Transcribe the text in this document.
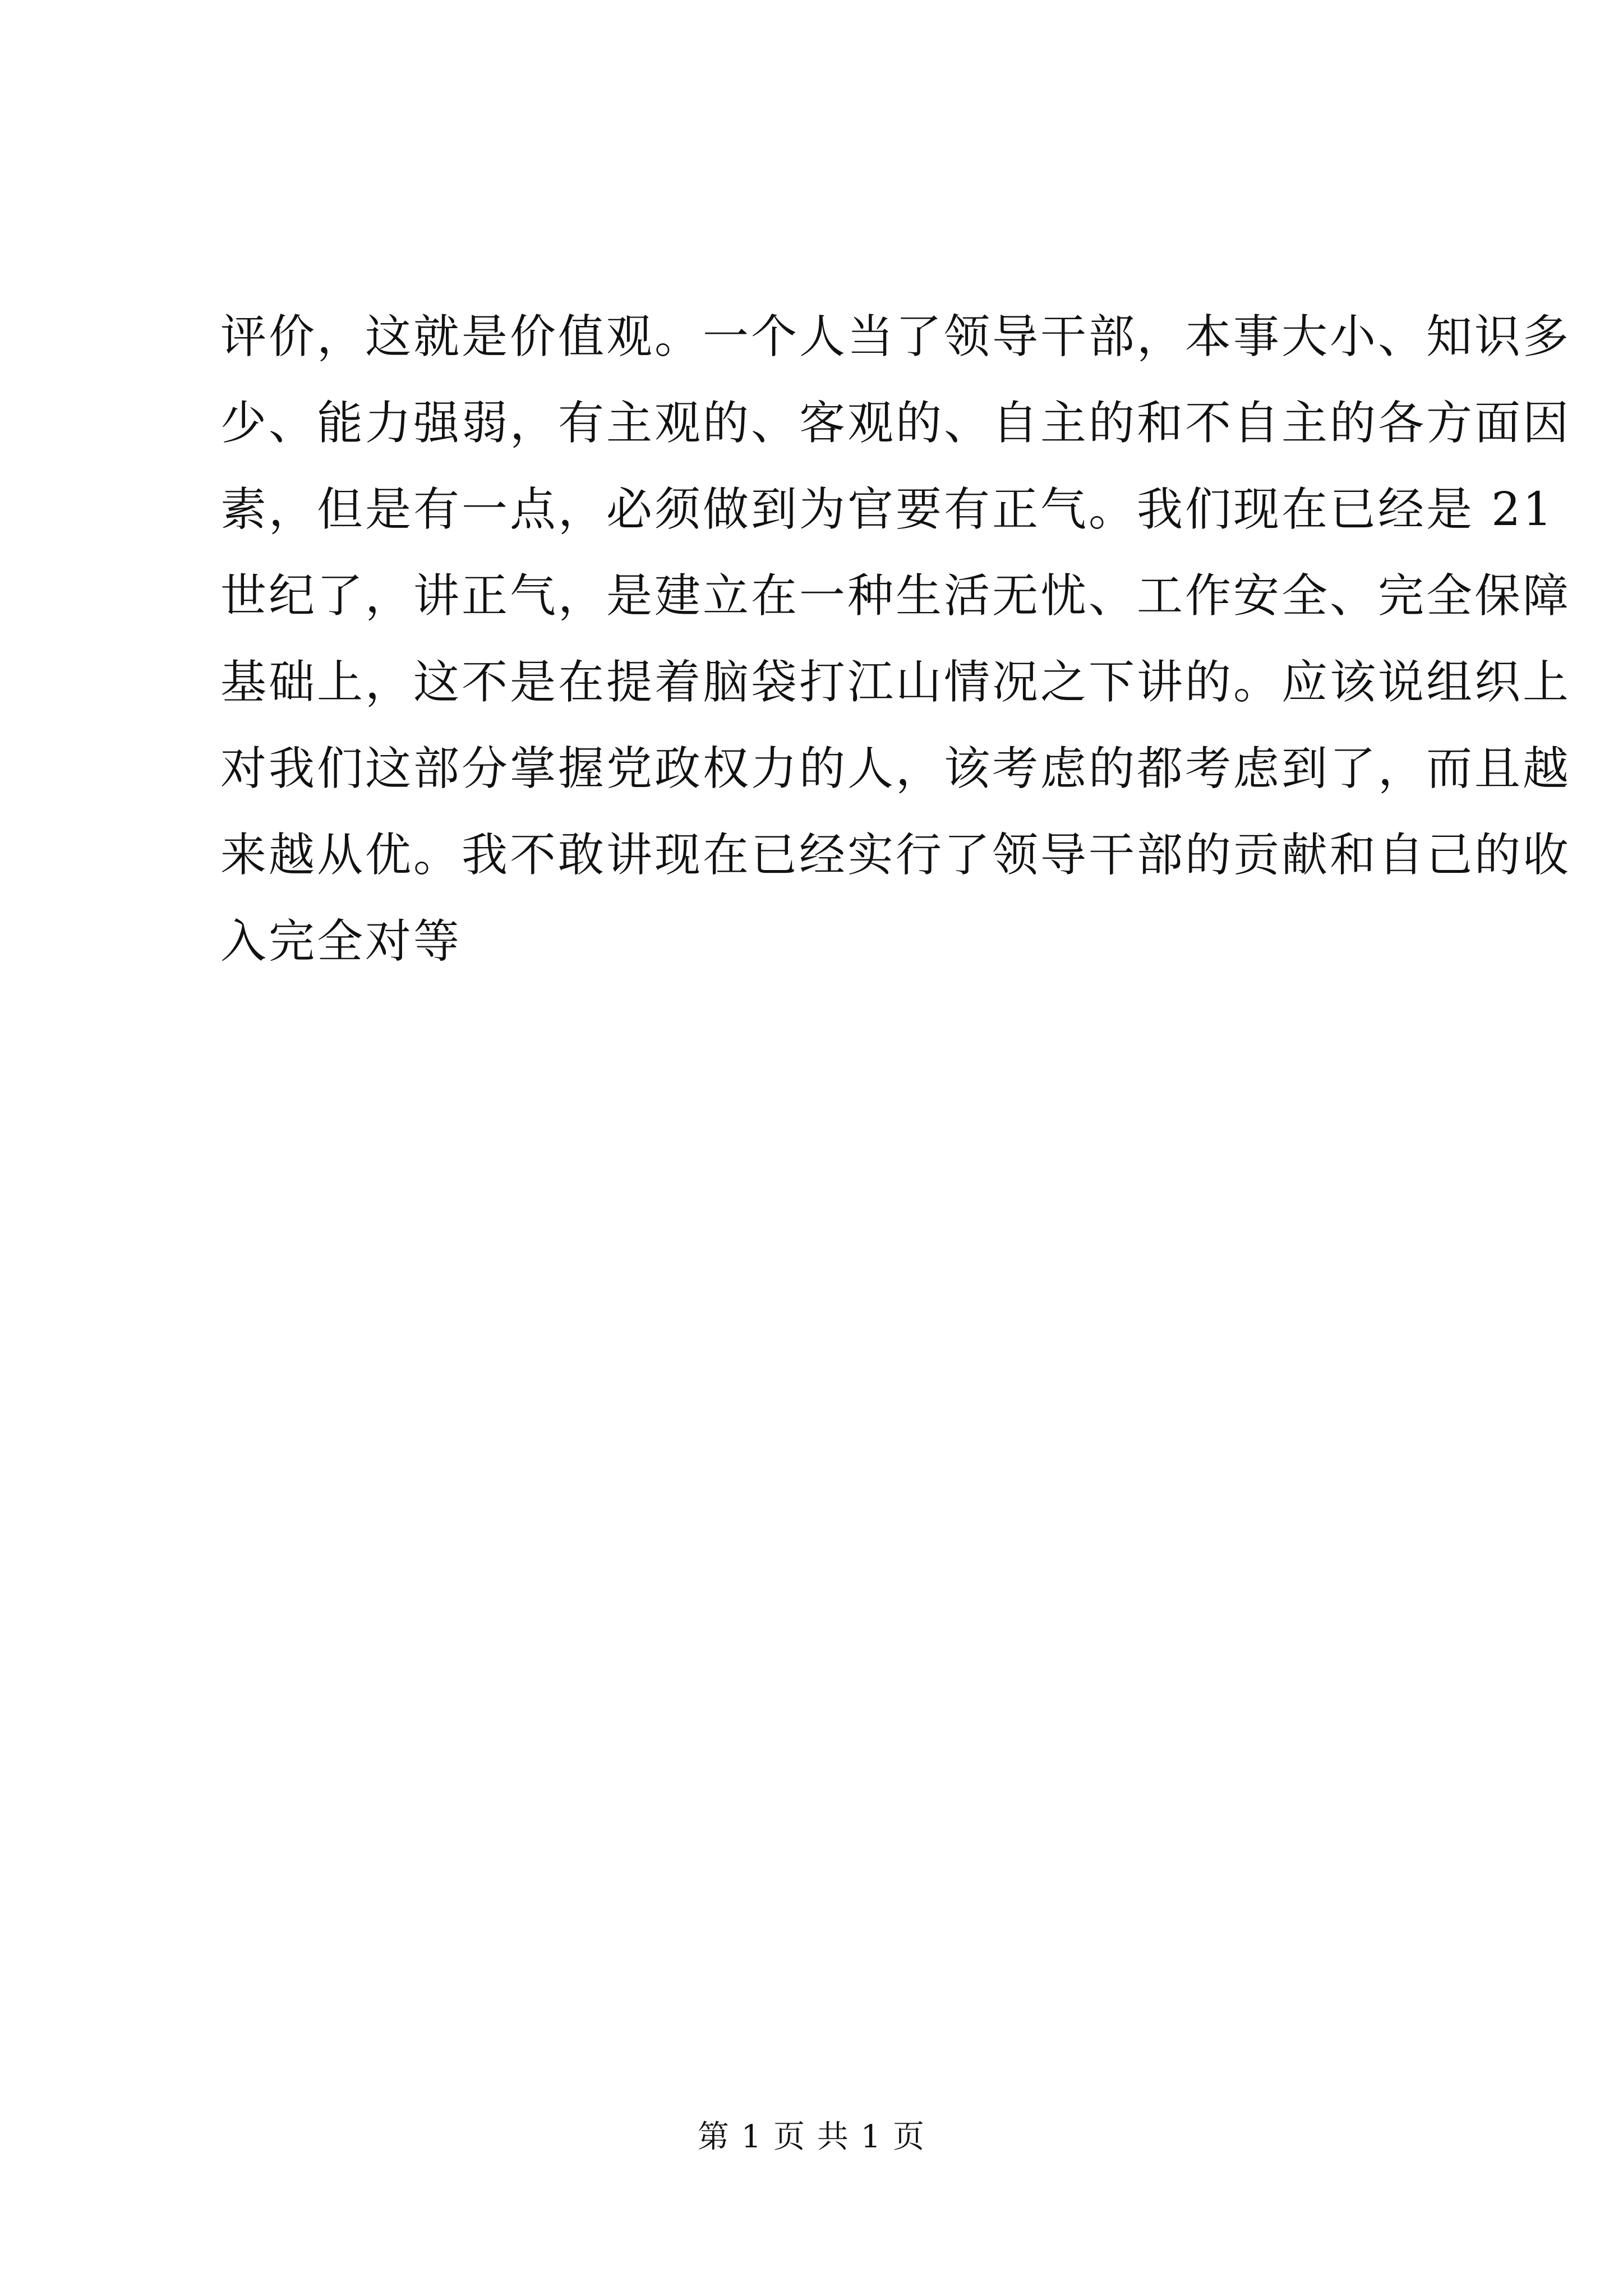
评价，这就是价值观。一个人当了领导干部，本事大小、知识多
少、能力强弱，有主观的、客观的、自主的和不自主的各方面因
素，但是有一点，必须做到为官要有正气。我们现在已经是 21
世纪了，讲正气，是建立在一种生活无忧、工作安全、完全保障
基础上，这不是在提着脑袋打江山情况之下讲的。应该说组织上
对我们这部分掌握党政权力的人，该考虑的都考虑到了，而且越
来越从优。我不敢讲现在已经实行了领导干部的贡献和自己的收
入完全对等
第 1 页 共 1 页
